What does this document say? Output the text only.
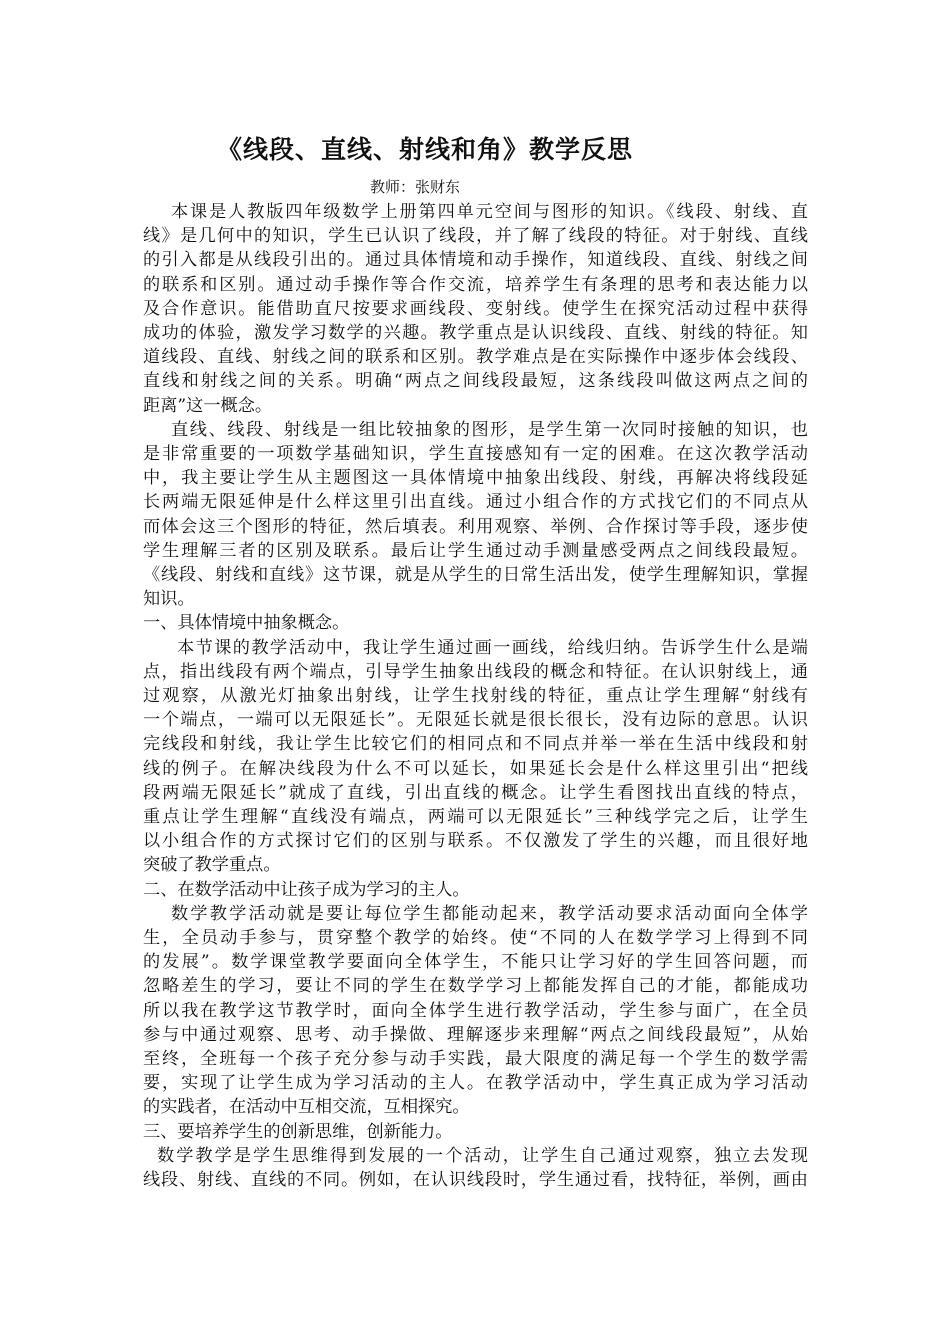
《线段、直线、射线和角》教学反思
教师：张财东
本课是人教版四年级数学上册第四单元空间与图形的知识。《线段、射线、直
线》是几何中的知识，学生已认识了线段，并了解了线段的特征。对于射线、直线
的引入都是从线段引出的。通过具体情境和动手操作，知道线段、直线、射线之间
的联系和区别。通过动手操作等合作交流，培养学生有条理的思考和表达能力以
及合作意识。能借助直尺按要求画线段、变射线。使学生在探究活动过程中获得
成功的体验，激发学习数学的兴趣。教学重点是认识线段、直线、射线的特征。知
道线段、直线、射线之间的联系和区别。教学难点是在实际操作中逐步体会线段、
直线和射线之间的关系。明确“两点之间线段最短，这条线段叫做这两点之间的
距离”这一概念。
直线、线段、射线是一组比较抽象的图形，是学生第一次同时接触的知识，也
是非常重要的一项数学基础知识，学生直接感知有一定的困难。在这次教学活动
中，我主要让学生从主题图这一具体情境中抽象出线段、射线，再解决将线段延
长两端无限延伸是什么样这里引出直线。通过小组合作的方式找它们的不同点从
而体会这三个图形的特征，然后填表。利用观察、举例、合作探讨等手段，逐步使
学生理解三者的区别及联系。最后让学生通过动手测量感受两点之间线段最短。
《线段、射线和直线》这节课，就是从学生的日常生活出发，使学生理解知识，掌握
知识。
一、具体情境中抽象概念。
本节课的教学活动中，我让学生通过画一画线，给线归纳。告诉学生什么是端
点，指出线段有两个端点，引导学生抽象出线段的概念和特征。在认识射线上，通
过观察，从激光灯抽象出射线，让学生找射线的特征，重点让学生理解“射线有
一个端点，一端可以无限延长”。无限延长就是很长很长，没有边际的意思。认识
完线段和射线，我让学生比较它们的相同点和不同点并举一举在生活中线段和射
线的例子。在解决线段为什么不可以延长，如果延长会是什么样这里引出“把线
段两端无限延长”就成了直线，引出直线的概念。让学生看图找出直线的特点，
重点让学生理解“直线没有端点，两端可以无限延长”三种线学完之后，让学生
以小组合作的方式探讨它们的区别与联系。不仅激发了学生的兴趣，而且很好地
突破了教学重点。
二、在数学活动中让孩子成为学习的主人。
数学教学活动就是要让每位学生都能动起来，教学活动要求活动面向全体学
生，全员动手参与，贯穿整个教学的始终。使“不同的人在数学学习上得到不同
的发展”。数学课堂教学要面向全体学生，不能只让学习好的学生回答问题，而
忽略差生的学习，要让不同的学生在数学学习上都能发挥自己的才能，都能成功
所以我在教学这节教学时，面向全体学生进行教学活动，学生参与面广，在全员
参与中通过观察、思考、动手操做、理解逐步来理解“两点之间线段最短”，从始
至终，全班每一个孩子充分参与动手实践，最大限度的满足每一个学生的数学需
要，实现了让学生成为学习活动的主人。在教学活动中，学生真正成为学习活动
的实践者，在活动中互相交流，互相探究。
三、要培养学生的创新思维，创新能力。
数学教学是学生思维得到发展的一个活动，让学生自己通过观察，独立去发现
线段、射线、直线的不同。例如，在认识线段时，学生通过看，找特征，举例，画由
